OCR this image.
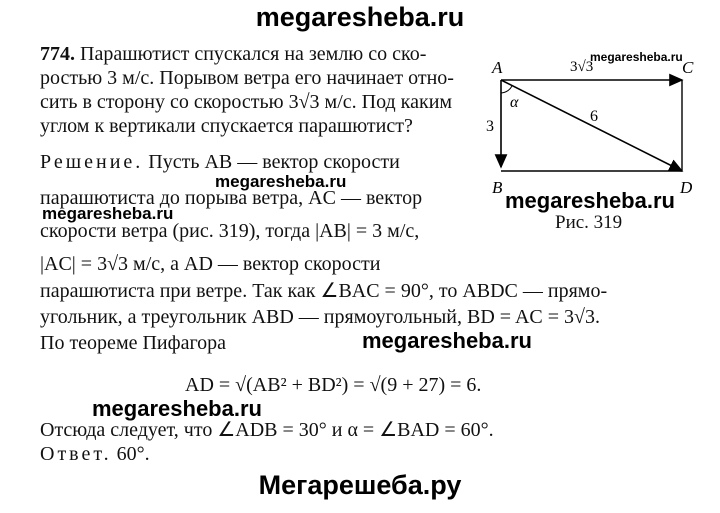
megaresheba.ru
774. Парашютист спускался на землю со ско-
ростью 3 м/с. Порывом ветра его начинает отно-
сить в сторону со скоростью 3√3 м/с. Под каким
углом к вертикали спускается парашютист?
Решение. Пусть AB — вектор скорости
megaresheba.ru
парашютиста до порыва ветра, AC — вектор
megaresheba.ru
скорости ветра (рис. 319), тогда |AB| = 3 м/с,
|AC| = 3√3 м/с, а AD — вектор скорости
парашютиста при ветре. Так как ∠BAC = 90°, то ABDC — прямо-
угольник, а треугольник ABD — прямоугольный, BD = AC = 3√3.
megaresheba.ru
По теореме Пифагора
AD = √(AB² + BD²) = √(9 + 27) = 6.
megaresheba.ru
Отсюда следует, что ∠ADB = 30° и α = ∠BAD = 60°.
Ответ. 60°.
A
B
C
D
α
3
3√3
6
megaresheba.ru
megaresheba.ru
Рис. 319
Мегарешеба.ру
